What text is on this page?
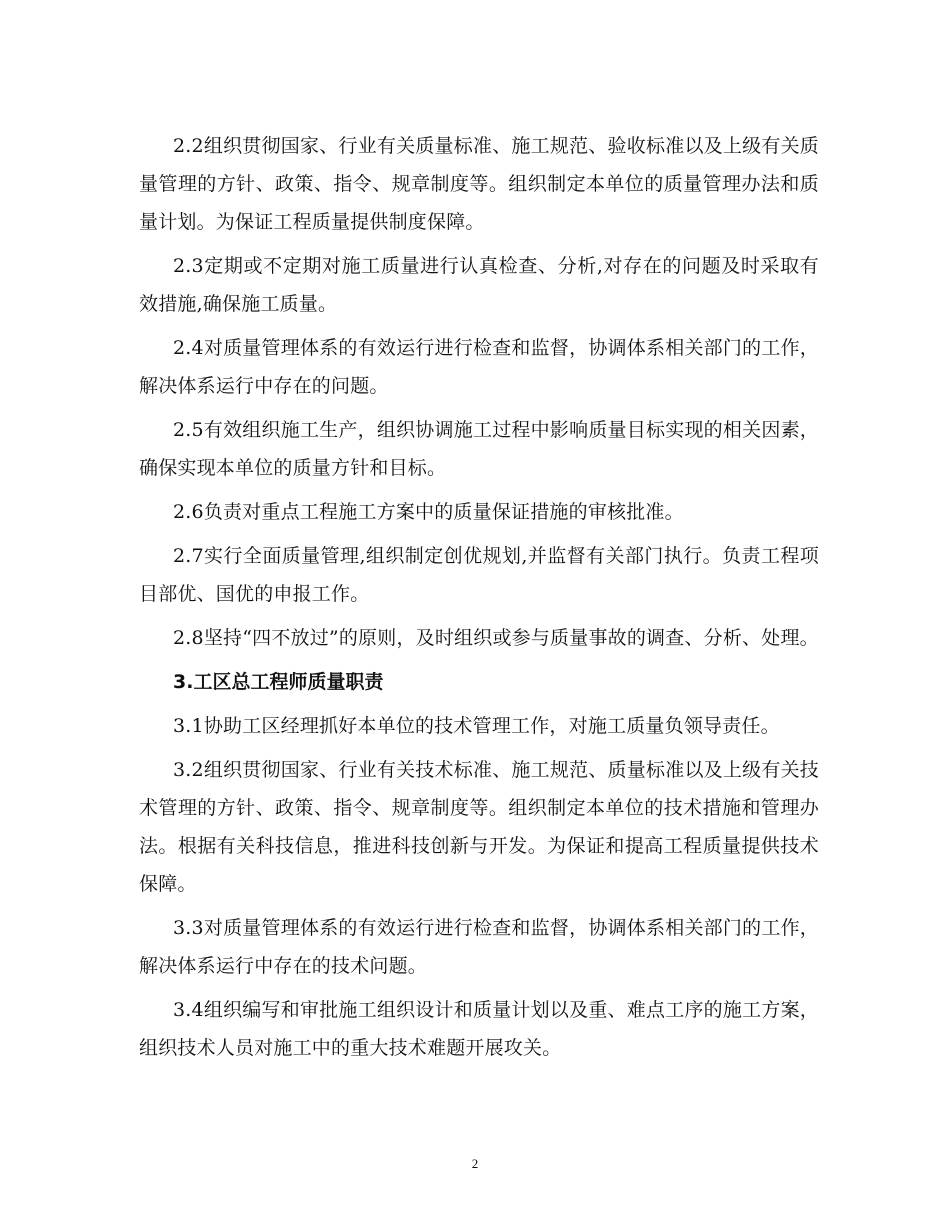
2.2组织贯彻国家、行业有关质量标准、施工规范、验收标准以及上级有关质量管理的方针、政策、指令、规章制度等。组织制定本单位的质量管理办法和质量计划。为保证工程质量提供制度保障。

2.3定期或不定期对施工质量进行认真检查、分析,对存在的问题及时采取有效措施,确保施工质量。

2.4对质量管理体系的有效运行进行检查和监督，协调体系相关部门的工作，解决体系运行中存在的问题。

2.5有效组织施工生产，组织协调施工过程中影响质量目标实现的相关因素，确保实现本单位的质量方针和目标。

2.6负责对重点工程施工方案中的质量保证措施的审核批准。

2.7实行全面质量管理,组织制定创优规划,并监督有关部门执行。负责工程项目部优、国优的申报工作。

2.8坚持“四不放过”的原则，及时组织或参与质量事故的调查、分析、处理。

3.工区总工程师质量职责

3.1协助工区经理抓好本单位的技术管理工作，对施工质量负领导责任。

3.2组织贯彻国家、行业有关技术标准、施工规范、质量标准以及上级有关技术管理的方针、政策、指令、规章制度等。组织制定本单位的技术措施和管理办法。根据有关科技信息，推进科技创新与开发。为保证和提高工程质量提供技术保障。

3.3对质量管理体系的有效运行进行检查和监督，协调体系相关部门的工作，解决体系运行中存在的技术问题。

3.4组织编写和审批施工组织设计和质量计划以及重、难点工序的施工方案，组织技术人员对施工中的重大技术难题开展攻关。

2
